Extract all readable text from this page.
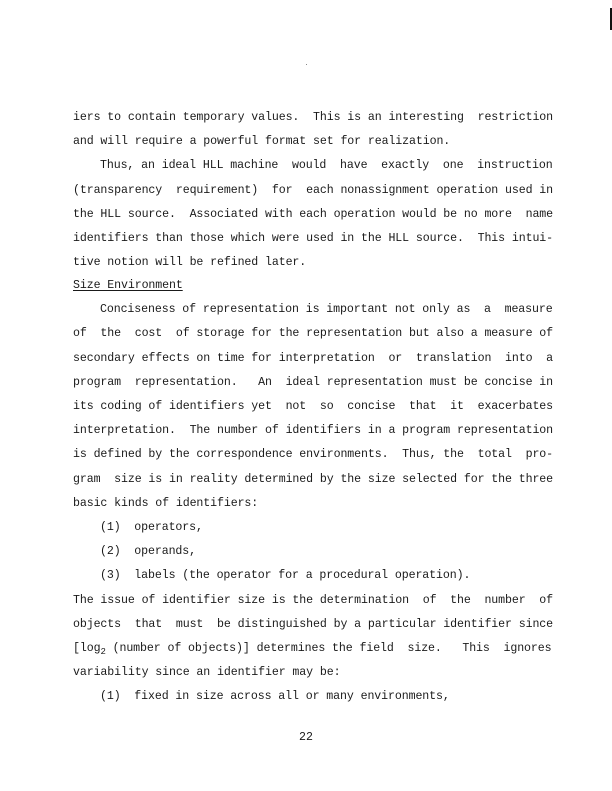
iers to contain temporary values.  This is an interesting  restriction
and will require a powerful format set for realization.
Thus, an ideal HLL machine  would  have  exactly  one  instruction
(transparency  requirement)  for  each nonassignment operation used in
the HLL source.  Associated with each operation would be no more  name
identifiers than those which were used in the HLL source.  This intui-
tive notion will be refined later.
Size Environment
Conciseness of representation is important not only as  a  measure
of  the  cost  of storage for the representation but also a measure of
secondary effects on time for interpretation  or  translation  into  a
program  representation.   An  ideal representation must be concise in
its coding of identifiers yet  not  so  concise  that  it  exacerbates
interpretation.  The number of identifiers in a program representation
is defined by the correspondence environments.  Thus, the  total  pro-
gram  size is in reality determined by the size selected for the three
basic kinds of identifiers:
(1)  operators,
(2)  operands,
(3)  labels (the operator for a procedural operation).
The issue of identifier size is the determination  of  the  number  of
objects  that  must  be distinguished by a particular identifier since
[$\log_2$ (number of objects)] determines the field  size.   This  ignores
variability since an identifier may be:
(1)  fixed in size across all or many environments,
22
